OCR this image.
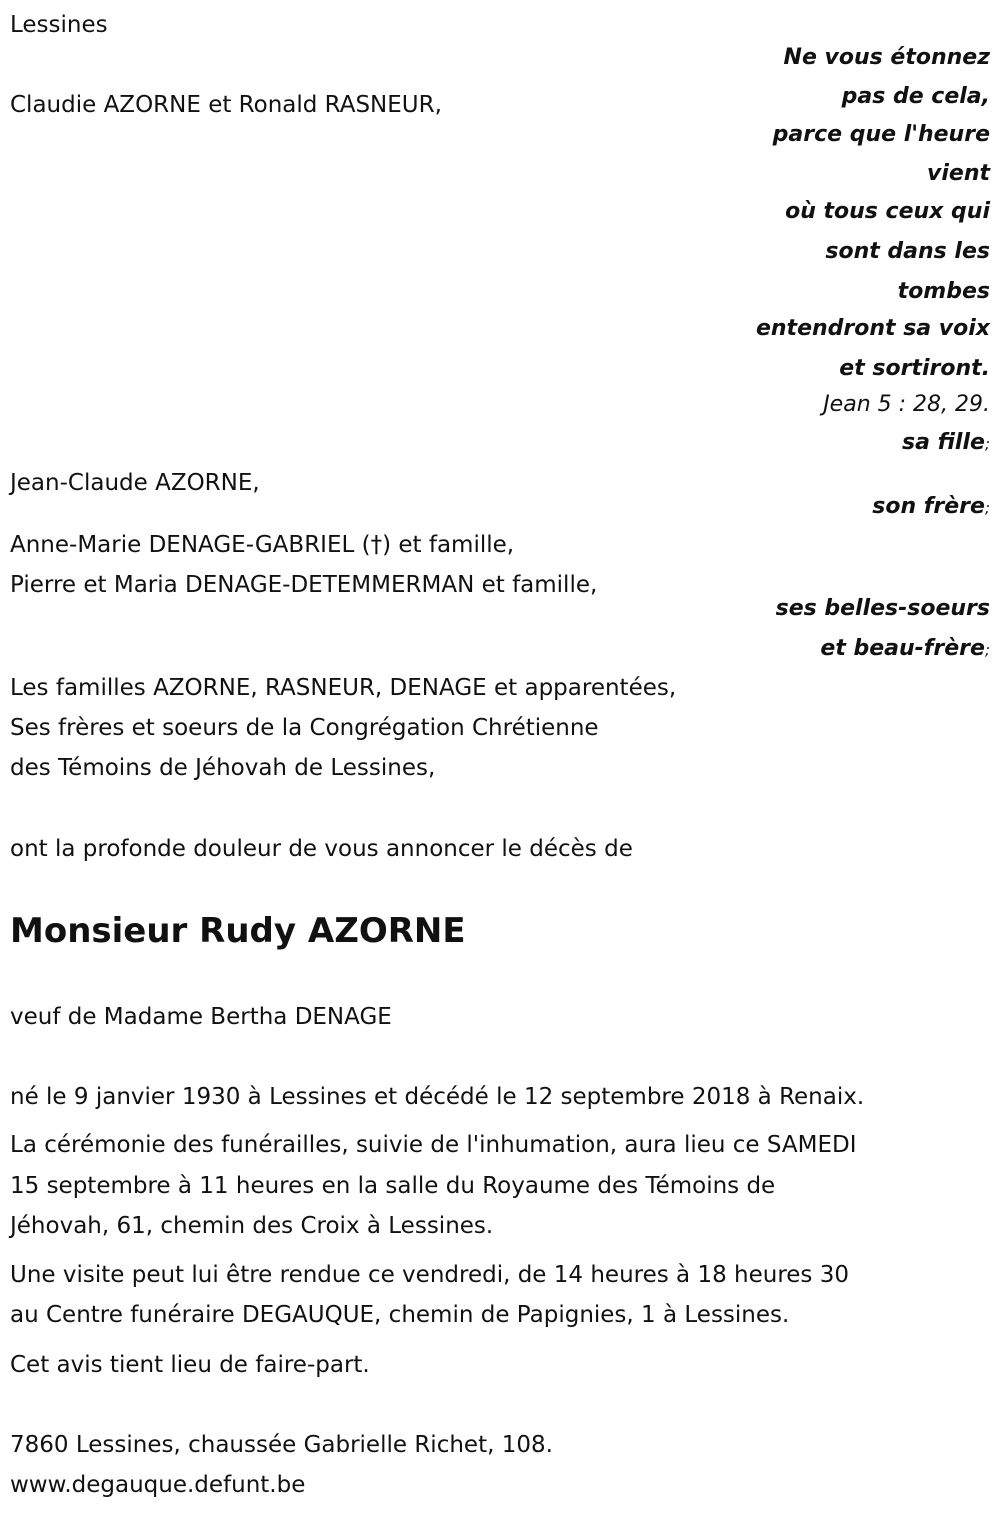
Lessines
Ne vous étonnez
pas de cela,
parce que l'heure
vient
où tous ceux qui
sont dans les
tombes
entendront sa voix
et sortiront.
Jean 5 : 28, 29.
Claudie AZORNE et Ronald RASNEUR,
sa fille;
Jean-Claude AZORNE,
son frère;
Anne-Marie DENAGE-GABRIEL (†) et famille,
Pierre et Maria DENAGE-DETEMMERMAN et famille,
ses belles-soeurs
et beau-frère;
Les familles AZORNE, RASNEUR, DENAGE et apparentées,
Ses frères et soeurs de la Congrégation Chrétienne
des Témoins de Jéhovah de Lessines,
ont la profonde douleur de vous annoncer le décès de
Monsieur Rudy AZORNE
veuf de Madame Bertha DENAGE
né le 9 janvier 1930 à Lessines et décédé le 12 septembre 2018 à Renaix.
La cérémonie des funérailles, suivie de l'inhumation, aura lieu ce SAMEDI
15 septembre à 11 heures en la salle du Royaume des Témoins de
Jéhovah, 61, chemin des Croix à Lessines.
Une visite peut lui être rendue ce vendredi, de 14 heures à 18 heures 30
au Centre funéraire DEGAUQUE, chemin de Papignies, 1 à Lessines.
Cet avis tient lieu de faire-part.
7860 Lessines, chaussée Gabrielle Richet, 108.
www.degauque.defunt.be
